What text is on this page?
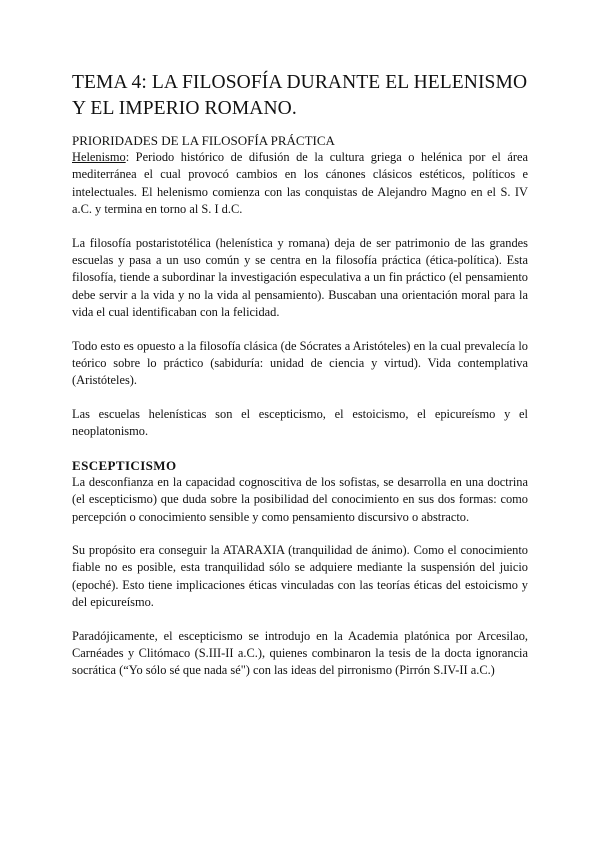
TEMA 4: LA FILOSOFÍA DURANTE EL HELENISMO Y EL IMPERIO ROMANO.
PRIORIDADES DE LA FILOSOFÍA PRÁCTICA

Helenismo: Periodo histórico de difusión de la cultura griega o helénica por el área mediterránea el cual provocó cambios en los cánones clásicos estéticos, políticos e intelectuales. El helenismo comienza con las conquistas de Alejandro Magno en el S. IV a.C. y termina en torno al S. I d.C.

La filosofía postaristotélica (helenística y romana) deja de ser patrimonio de las grandes escuelas y pasa a un uso común y se centra en la filosofía práctica (ética-política). Esta filosofía, tiende a subordinar la investigación especulativa a un fin práctico (el pensamiento debe servir a la vida y no la vida al pensamiento). Buscaban una orientación moral para la vida el cual identificaban con la felicidad.

Todo esto es opuesto a la filosofía clásica (de Sócrates a Aristóteles) en la cual prevalecía lo teórico sobre lo práctico (sabiduría: unidad de ciencia y virtud). Vida contemplativa (Aristóteles).

Las escuelas helenísticas son el escepticismo, el estoicismo, el epicureísmo y el neoplatonismo.

ESCEPTICISMO

La desconfianza en la capacidad cognoscitiva de los sofistas, se desarrolla en una doctrina (el escepticismo) que duda sobre la posibilidad del conocimiento en sus dos formas: como percepción o conocimiento sensible y como pensamiento discursivo o abstracto.

Su propósito era conseguir la ATARAXIA (tranquilidad de ánimo). Como el conocimiento fiable no es posible, esta tranquilidad sólo se adquiere mediante la suspensión del juicio (epoché). Esto tiene implicaciones éticas vinculadas con las teorías éticas del estoicismo y del epicureísmo.

Paradójicamente, el escepticismo se introdujo en la Academia platónica por Arcesilao, Carnéades y Clitómaco (S.III-II a.C.), quienes combinaron la tesis de la docta ignorancia socrática (“Yo sólo sé que nada sé") con las ideas del pirronismo (Pirrón S.IV-II a.C.)
